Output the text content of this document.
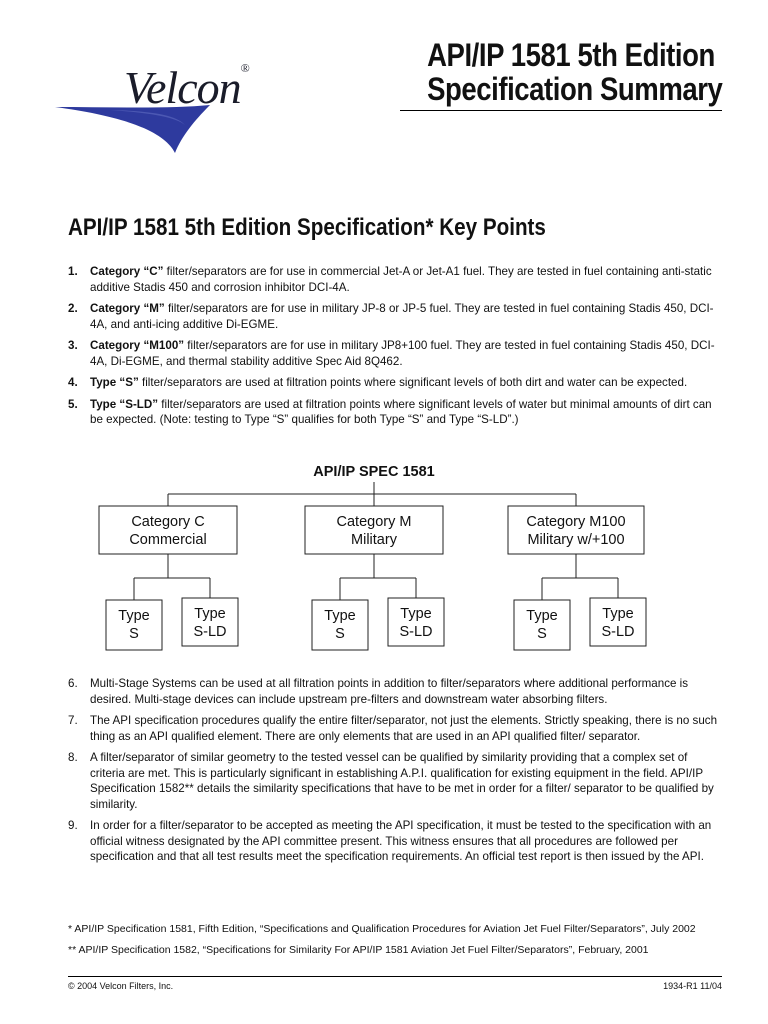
Velcon®	API/IP 1581 5th Edition
Specification Summary
API/IP 1581 5th Edition Specification* Key Points
1. Category “C” filter/separators are for use in commercial Jet-A or Jet-A1 fuel. They are tested in fuel containing anti-static additive Stadis 450 and corrosion inhibitor DCI-4A.
2. Category “M” filter/separators are for use in military JP-8 or JP-5 fuel. They are tested in fuel containing Stadis 450, DCI-4A, and anti-icing additive Di-EGME.
3. Category “M100” filter/separators are for use in military JP8+100 fuel. They are tested in fuel containing Stadis 450, DCI-4A, Di-EGME, and thermal stability additive Spec Aid 8Q462.
4. Type “S” filter/separators are used at filtration points where significant levels of both dirt and water can be expected.
5. Type “S-LD” filter/separators are used at filtration points where significant levels of water but minimal amounts of dirt can be expected. (Note: testing to Type “S” qualifies for both Type “S” and Type “S-LD”.)
API/IP SPEC 1581
Category C
Commercial
Type
S
Type
S-LD
Category M
Military
Type
S
Type
S-LD
Category M100
Military w/+100
Type
S
Type
S-LD
6. Multi-Stage Systems can be used at all filtration points in addition to filter/separators where additional performance is desired. Multi-stage devices can include upstream pre-filters and downstream water absorbing filters.
7. The API specification procedures qualify the entire filter/separator, not just the elements. Strictly speaking, there is no such thing as an API qualified element. There are only elements that are used in an API qualified filter/ separator.
8. A filter/separator of similar geometry to the tested vessel can be qualified by similarity providing that a complex set of criteria are met. This is particularly significant in establishing A.P.I. qualification for existing equipment in the field. API/IP Specification 1582** details the similarity specifications that have to be met in order for a filter/ separator to be qualified by similarity.
9. In order for a filter/separator to be accepted as meeting the API specification, it must be tested to the specification with an official witness designated by the API committee present. This witness ensures that all procedures are followed per specification and that all test results meet the specification requirements. An official test report is then issued by the API.

* API/IP Specification 1581, Fifth Edition, “Specifications and Qualification Procedures for Aviation Jet Fuel Filter/Separators”, July 2002

** API/IP Specification 1582, “Specifications for Similarity For API/IP 1581 Aviation Jet Fuel Filter/Separators”, February, 2001

© 2004 Velcon Filters, Inc.	1934-R1 11/04
